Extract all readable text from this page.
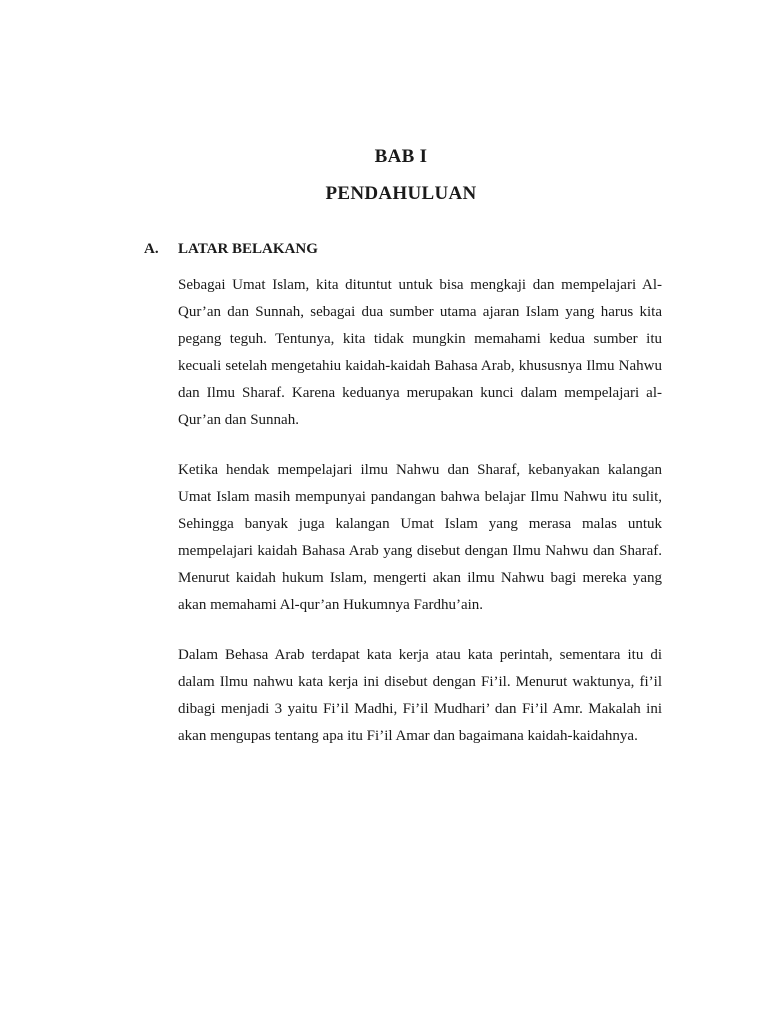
BAB I
PENDAHULUAN
A.	LATAR BELAKANG

Sebagai Umat Islam, kita dituntut untuk bisa mengkaji dan mempelajari Al-Qur’an dan Sunnah, sebagai dua sumber utama ajaran Islam yang harus kita pegang teguh. Tentunya, kita tidak mungkin memahami kedua sumber itu kecuali setelah mengetahiu kaidah-kaidah Bahasa Arab, khususnya Ilmu Nahwu dan Ilmu Sharaf. Karena keduanya merupakan kunci dalam mempelajari al-Qur’an dan Sunnah.

Ketika hendak mempelajari ilmu Nahwu dan Sharaf, kebanyakan kalangan Umat Islam masih mempunyai pandangan bahwa belajar Ilmu Nahwu itu sulit, Sehingga banyak juga kalangan Umat Islam yang merasa malas untuk mempelajari kaidah Bahasa Arab yang disebut dengan Ilmu Nahwu dan Sharaf. Menurut kaidah hukum Islam, mengerti akan ilmu Nahwu bagi mereka yang akan memahami Al-qur’an Hukumnya Fardhu’ain.

Dalam Behasa Arab terdapat kata kerja atau kata perintah, sementara itu di dalam Ilmu nahwu kata kerja ini disebut dengan Fi’il. Menurut waktunya, fi’il dibagi menjadi 3 yaitu Fi’il Madhi, Fi’il Mudhari’ dan Fi’il Amr. Makalah ini akan mengupas tentang apa itu Fi’il Amar dan bagaimana kaidah-kaidahnya.
